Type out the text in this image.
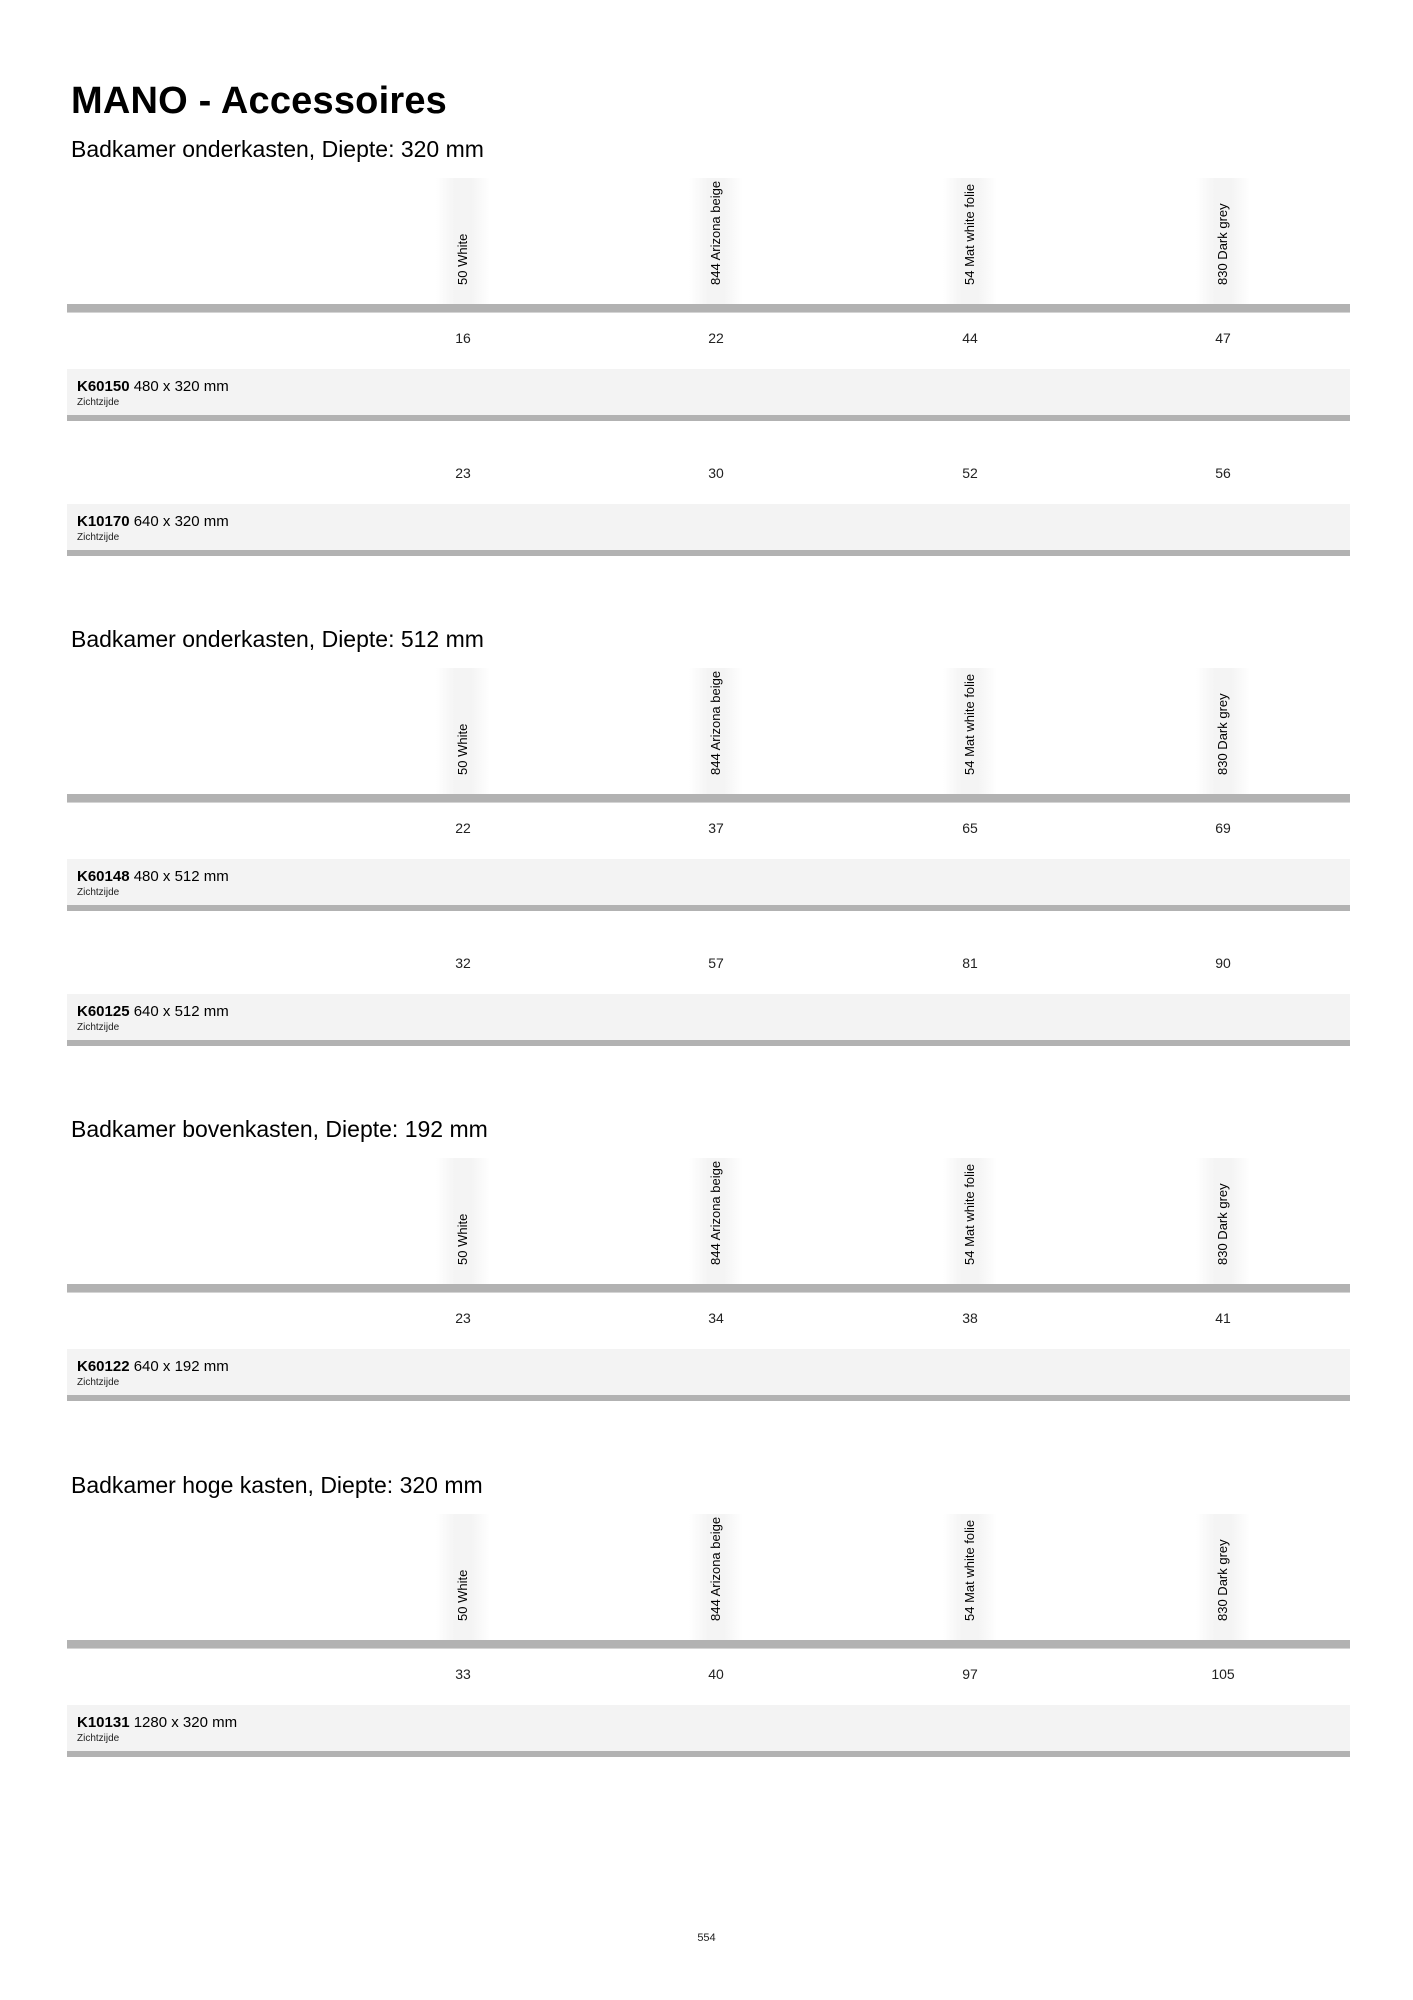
MANO - Accessoires
Badkamer onderkasten, Diepte: 320 mm
50 White	844 Arizona beige	54 Mat white folie	830 Dark grey
16	22	44	47
K60150 480 x 320 mm
Zichtzijde
23	30	52	56
K10170 640 x 320 mm
Zichtzijde
Badkamer onderkasten, Diepte: 512 mm
50 White	844 Arizona beige	54 Mat white folie	830 Dark grey
22	37	65	69
K60148 480 x 512 mm
Zichtzijde
32	57	81	90
K60125 640 x 512 mm
Zichtzijde
Badkamer bovenkasten, Diepte: 192 mm
50 White	844 Arizona beige	54 Mat white folie	830 Dark grey
23	34	38	41
K60122 640 x 192 mm
Zichtzijde
Badkamer hoge kasten, Diepte: 320 mm
50 White	844 Arizona beige	54 Mat white folie	830 Dark grey
33	40	97	105
K10131 1280 x 320 mm
Zichtzijde
554
